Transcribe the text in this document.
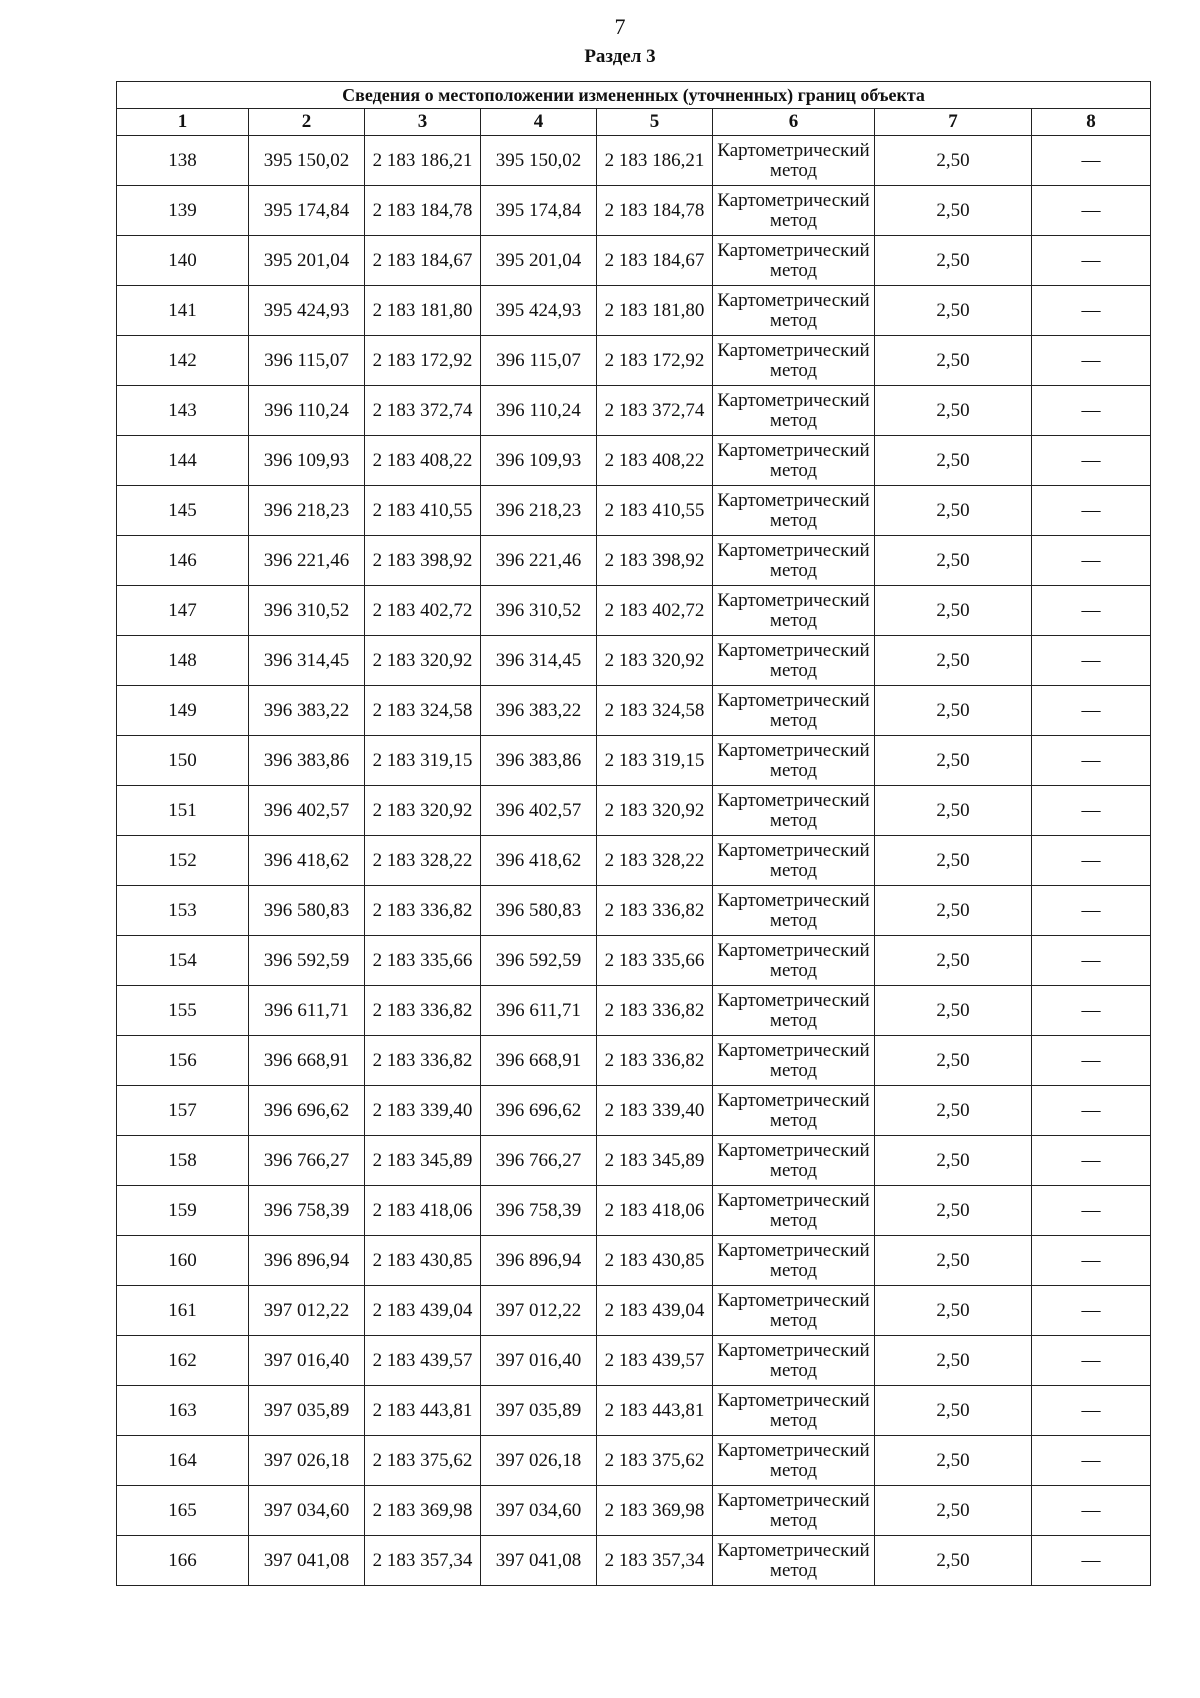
7
Раздел 3
Сведения о местоположении измененных (уточненных) границ объекта							
1	2	3	4	5	6	7	8
138	395 150,02	2 183 186,21	395 150,02	2 183 186,21	Картометрический метод	2,50	—
139	395 174,84	2 183 184,78	395 174,84	2 183 184,78	Картометрический метод	2,50	—
140	395 201,04	2 183 184,67	395 201,04	2 183 184,67	Картометрический метод	2,50	—
141	395 424,93	2 183 181,80	395 424,93	2 183 181,80	Картометрический метод	2,50	—
142	396 115,07	2 183 172,92	396 115,07	2 183 172,92	Картометрический метод	2,50	—
143	396 110,24	2 183 372,74	396 110,24	2 183 372,74	Картометрический метод	2,50	—
144	396 109,93	2 183 408,22	396 109,93	2 183 408,22	Картометрический метод	2,50	—
145	396 218,23	2 183 410,55	396 218,23	2 183 410,55	Картометрический метод	2,50	—
146	396 221,46	2 183 398,92	396 221,46	2 183 398,92	Картометрический метод	2,50	—
147	396 310,52	2 183 402,72	396 310,52	2 183 402,72	Картометрический метод	2,50	—
148	396 314,45	2 183 320,92	396 314,45	2 183 320,92	Картометрический метод	2,50	—
149	396 383,22	2 183 324,58	396 383,22	2 183 324,58	Картометрический метод	2,50	—
150	396 383,86	2 183 319,15	396 383,86	2 183 319,15	Картометрический метод	2,50	—
151	396 402,57	2 183 320,92	396 402,57	2 183 320,92	Картометрический метод	2,50	—
152	396 418,62	2 183 328,22	396 418,62	2 183 328,22	Картометрический метод	2,50	—
153	396 580,83	2 183 336,82	396 580,83	2 183 336,82	Картометрический метод	2,50	—
154	396 592,59	2 183 335,66	396 592,59	2 183 335,66	Картометрический метод	2,50	—
155	396 611,71	2 183 336,82	396 611,71	2 183 336,82	Картометрический метод	2,50	—
156	396 668,91	2 183 336,82	396 668,91	2 183 336,82	Картометрический метод	2,50	—
157	396 696,62	2 183 339,40	396 696,62	2 183 339,40	Картометрический метод	2,50	—
158	396 766,27	2 183 345,89	396 766,27	2 183 345,89	Картометрический метод	2,50	—
159	396 758,39	2 183 418,06	396 758,39	2 183 418,06	Картометрический метод	2,50	—
160	396 896,94	2 183 430,85	396 896,94	2 183 430,85	Картометрический метод	2,50	—
161	397 012,22	2 183 439,04	397 012,22	2 183 439,04	Картометрический метод	2,50	—
162	397 016,40	2 183 439,57	397 016,40	2 183 439,57	Картометрический метод	2,50	—
163	397 035,89	2 183 443,81	397 035,89	2 183 443,81	Картометрический метод	2,50	—
164	397 026,18	2 183 375,62	397 026,18	2 183 375,62	Картометрический метод	2,50	—
165	397 034,60	2 183 369,98	397 034,60	2 183 369,98	Картометрический метод	2,50	—
166	397 041,08	2 183 357,34	397 041,08	2 183 357,34	Картометрический метод	2,50	—
